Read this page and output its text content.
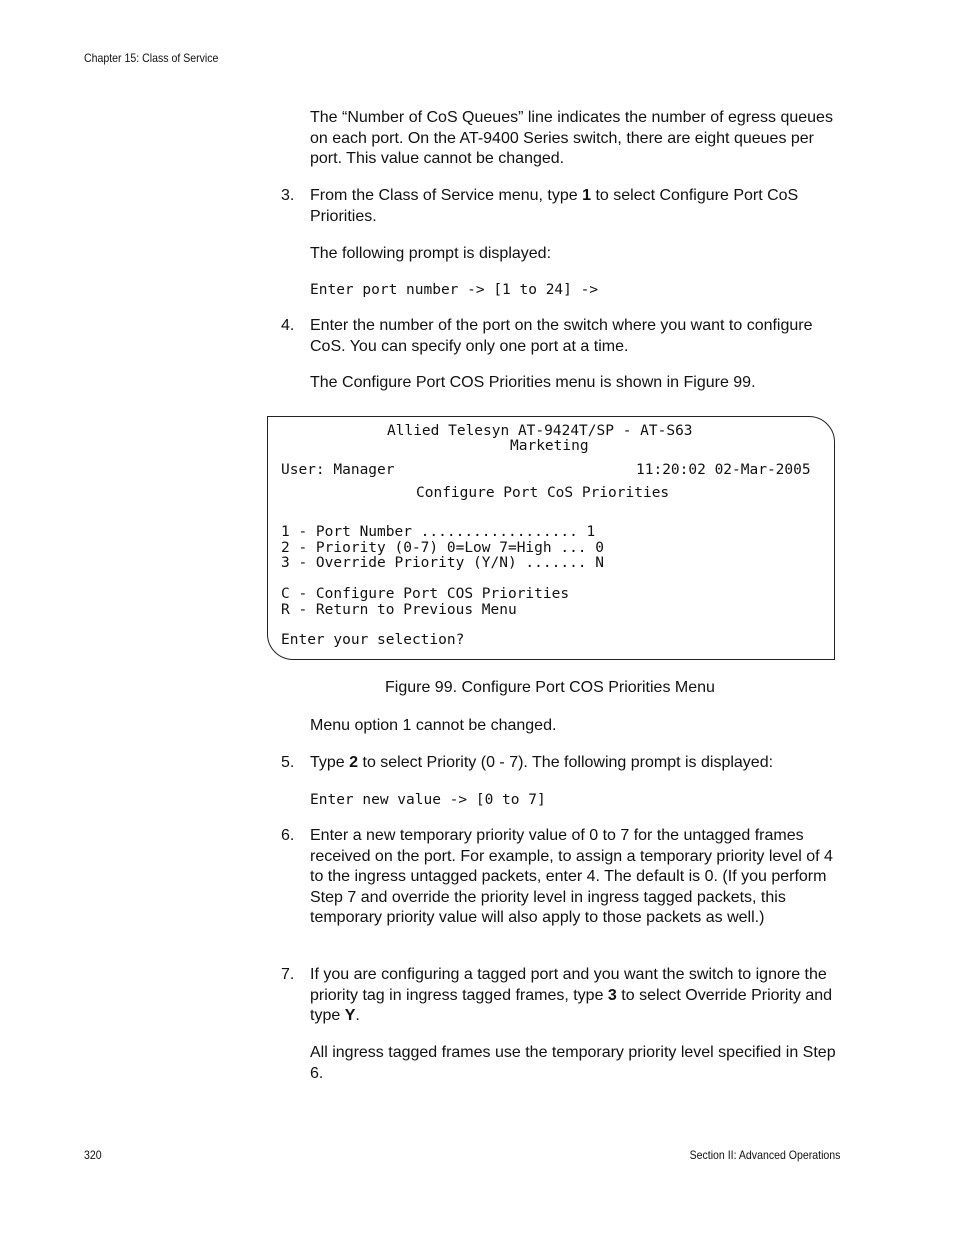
Chapter 15: Class of Service
The “Number of CoS Queues” line indicates the number of egress queues on each port. On the AT-9400 Series switch, there are eight queues per port. This value cannot be changed.
3. From the Class of Service menu, type 1 to select Configure Port CoS Priorities.
The following prompt is displayed:
Enter port number -> [1 to 24] ->
4. Enter the number of the port on the switch where you want to configure CoS. You can specify only one port at a time.
The Configure Port COS Priorities menu is shown in Figure 99.
Allied Telesyn AT-9424T/SP - AT-S63
Marketing
User: Manager	11:20:02 02-Mar-2005
Configure Port CoS Priorities
1 - Port Number .................. 1
2 - Priority (0-7) 0=Low 7=High ... 0
3 - Override Priority (Y/N) ....... N
C - Configure Port COS Priorities
R - Return to Previous Menu
Enter your selection?
Figure 99. Configure Port COS Priorities Menu
Menu option 1 cannot be changed.
5. Type 2 to select Priority (0 - 7). The following prompt is displayed:
Enter new value -> [0 to 7]
6. Enter a new temporary priority value of 0 to 7 for the untagged frames received on the port. For example, to assign a temporary priority level of 4 to the ingress untagged packets, enter 4. The default is 0. (If you perform Step 7 and override the priority level in ingress tagged packets, this temporary priority value will also apply to those packets as well.)
7. If you are configuring a tagged port and you want the switch to ignore the priority tag in ingress tagged frames, type 3 to select Override Priority and type Y.
All ingress tagged frames use the temporary priority level specified in Step 6.
320	Section II: Advanced Operations
